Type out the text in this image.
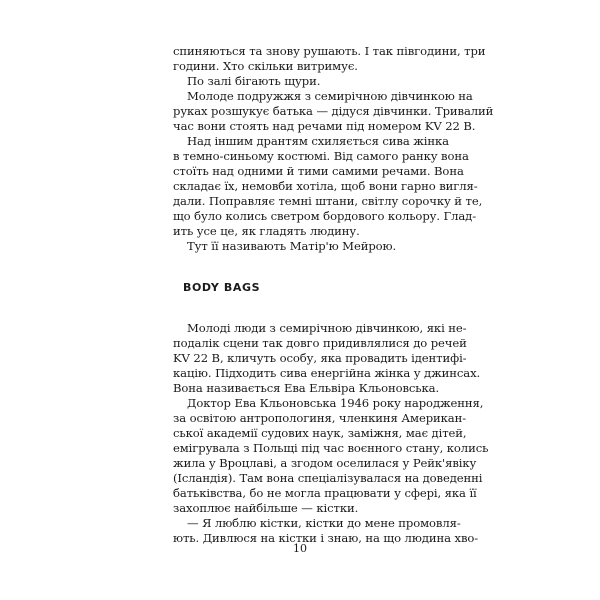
спиняються та знову рушають. І так півгодини, три
години. Хто скільки витримує.
По залі бігають щури.
Молоде подружжя з семирічною дівчинкою на
руках розшукує батька — дідуся дівчинки. Тривалий
час вони стоять над речами під номером KV 22 B.
Над іншим дрантям схиляється сива жінка
в темно-синьому костюмі. Від самого ранку вона
стоїть над одними й тими самими речами. Вона
складає їх, немовби хотіла, щоб вони гарно вигля-
дали. Поправляє темні штани, світлу сорочку й те,
що було колись светром бордового кольору. Глад-
ить усе це, як гладять людину.
Тут її називають Матір'ю Мейрою.
BODY BAGS
Молоді люди з семирічною дівчинкою, які не-
подалік сцени так довго придивлялися до речей
KV 22 B, кличуть особу, яка провадить ідентифі-
кацію. Підходить сива енергійна жінка у джинсах.
Вона називається Ева Ельвіра Кльоновська.
Доктор Ева Кльоновська 1946 року народження,
за освітою антропологиня, членкиня Американ-
ської академії судових наук, заміжня, має дітей,
емігрувала з Польщі під час воєнного стану, колись
жила у Вроцлаві, а згодом оселилася у Рейк'явіку
(Ісландія). Там вона спеціалізувалася на доведенні
батьківства, бо не могла працювати у сфері, яка її
захоплює найбільше — кістки.
— Я люблю кістки, кістки до мене промовля-
ють. Дивлюся на кістки і знаю, на що людина хво-
10
